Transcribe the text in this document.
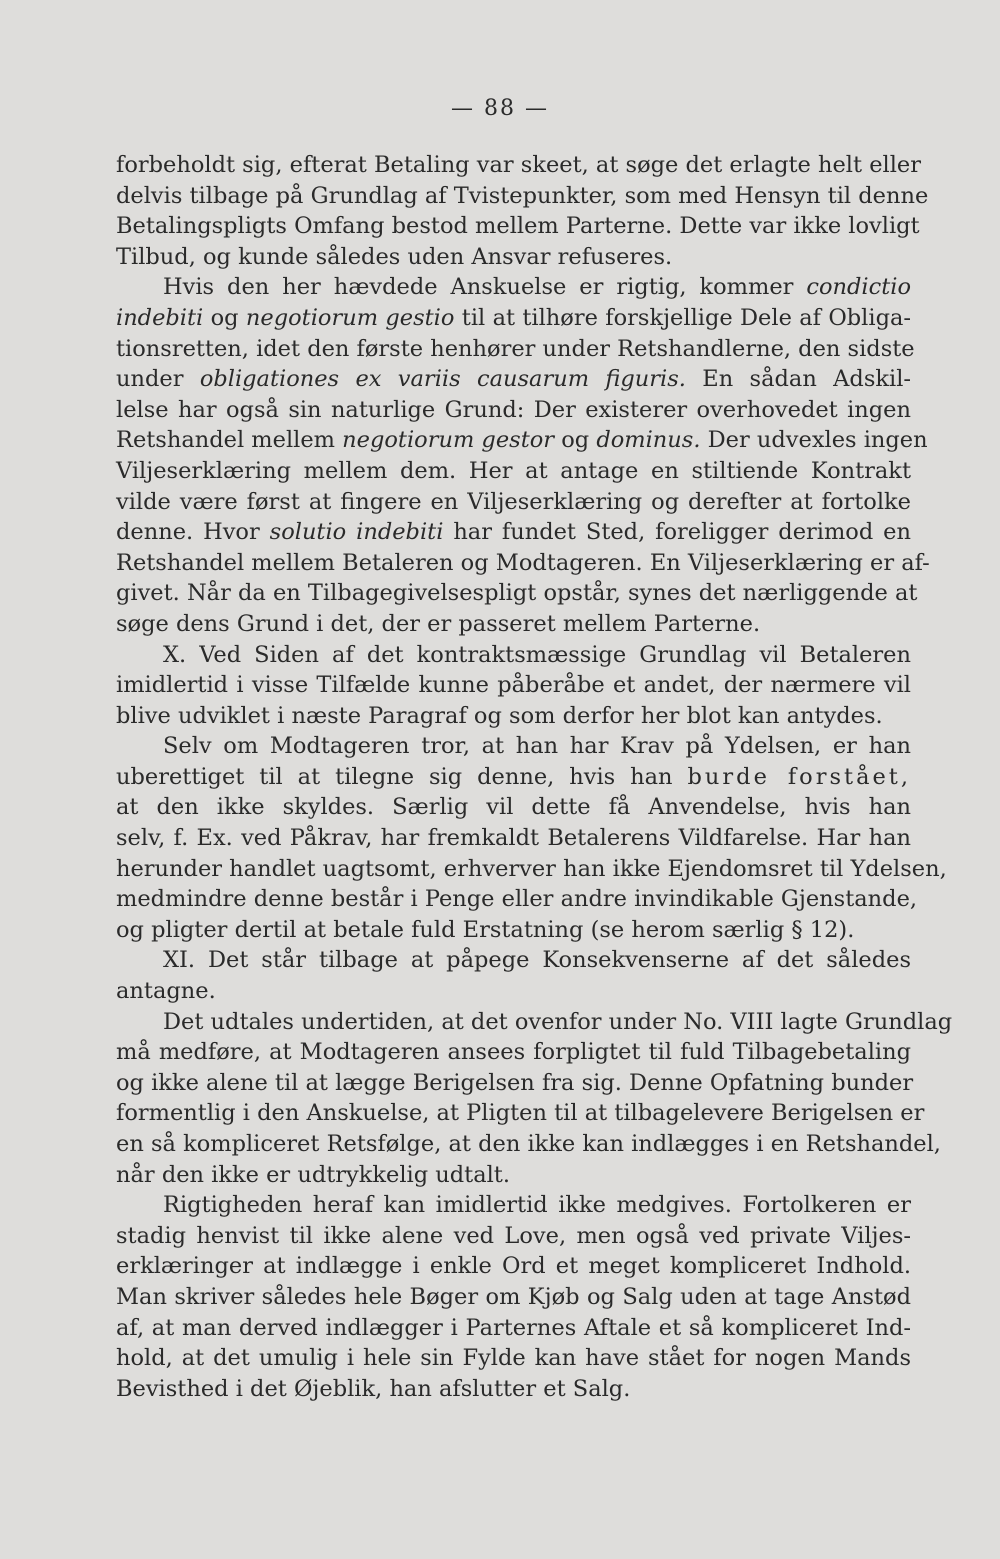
— 88 —
forbeholdt sig, efterat Betaling var skeet, at søge det erlagte helt eller
delvis tilbage på Grundlag af Tvistepunkter, som med Hensyn til denne
Betalingspligts Omfang bestod mellem Parterne. Dette var ikke lovligt
Tilbud, og kunde således uden Ansvar refuseres.
Hvis den her hævdede Anskuelse er rigtig, kommer condictio
indebiti og negotiorum gestio til at tilhøre forskjellige Dele af Obliga-
tionsretten, idet den første henhører under Retshandlerne, den sidste
under obligationes ex variis causarum figuris. En sådan Adskil-
lelse har også sin naturlige Grund: Der existerer overhovedet ingen
Retshandel mellem negotiorum gestor og dominus. Der udvexles ingen
Viljeserklæring mellem dem. Her at antage en stiltiende Kontrakt
vilde være først at fingere en Viljeserklæring og derefter at fortolke
denne. Hvor solutio indebiti har fundet Sted, foreligger derimod en
Retshandel mellem Betaleren og Modtageren. En Viljeserklæring er af-
givet. Når da en Tilbagegivelsespligt opstår, synes det nærliggende at
søge dens Grund i det, der er passeret mellem Parterne.
X. Ved Siden af det kontraktsmæssige Grundlag vil Betaleren
imidlertid i visse Tilfælde kunne påberåbe et andet, der nærmere vil
blive udviklet i næste Paragraf og som derfor her blot kan antydes.
Selv om Modtageren tror, at han har Krav på Ydelsen, er han
uberettiget til at tilegne sig denne, hvis han burde forstået,
at den ikke skyldes. Særlig vil dette få Anvendelse, hvis han
selv, f. Ex. ved Påkrav, har fremkaldt Betalerens Vildfarelse. Har han
herunder handlet uagtsomt, erhverver han ikke Ejendomsret til Ydelsen,
medmindre denne består i Penge eller andre invindikable Gjenstande,
og pligter dertil at betale fuld Erstatning (se herom særlig § 12).
XI. Det står tilbage at påpege Konsekvenserne af det således
antagne.
Det udtales undertiden, at det ovenfor under No. VIII lagte Grundlag
må medføre, at Modtageren ansees forpligtet til fuld Tilbagebetaling
og ikke alene til at lægge Berigelsen fra sig. Denne Opfatning bunder
formentlig i den Anskuelse, at Pligten til at tilbagelevere Berigelsen er
en så kompliceret Retsfølge, at den ikke kan indlægges i en Retshandel,
når den ikke er udtrykkelig udtalt.
Rigtigheden heraf kan imidlertid ikke medgives. Fortolkeren er
stadig henvist til ikke alene ved Love, men også ved private Viljes-
erklæringer at indlægge i enkle Ord et meget kompliceret Indhold.
Man skriver således hele Bøger om Kjøb og Salg uden at tage Anstød
af, at man derved indlægger i Parternes Aftale et så kompliceret Ind-
hold, at det umulig i hele sin Fylde kan have stået for nogen Mands
Bevisthed i det Øjeblik, han afslutter et Salg.
